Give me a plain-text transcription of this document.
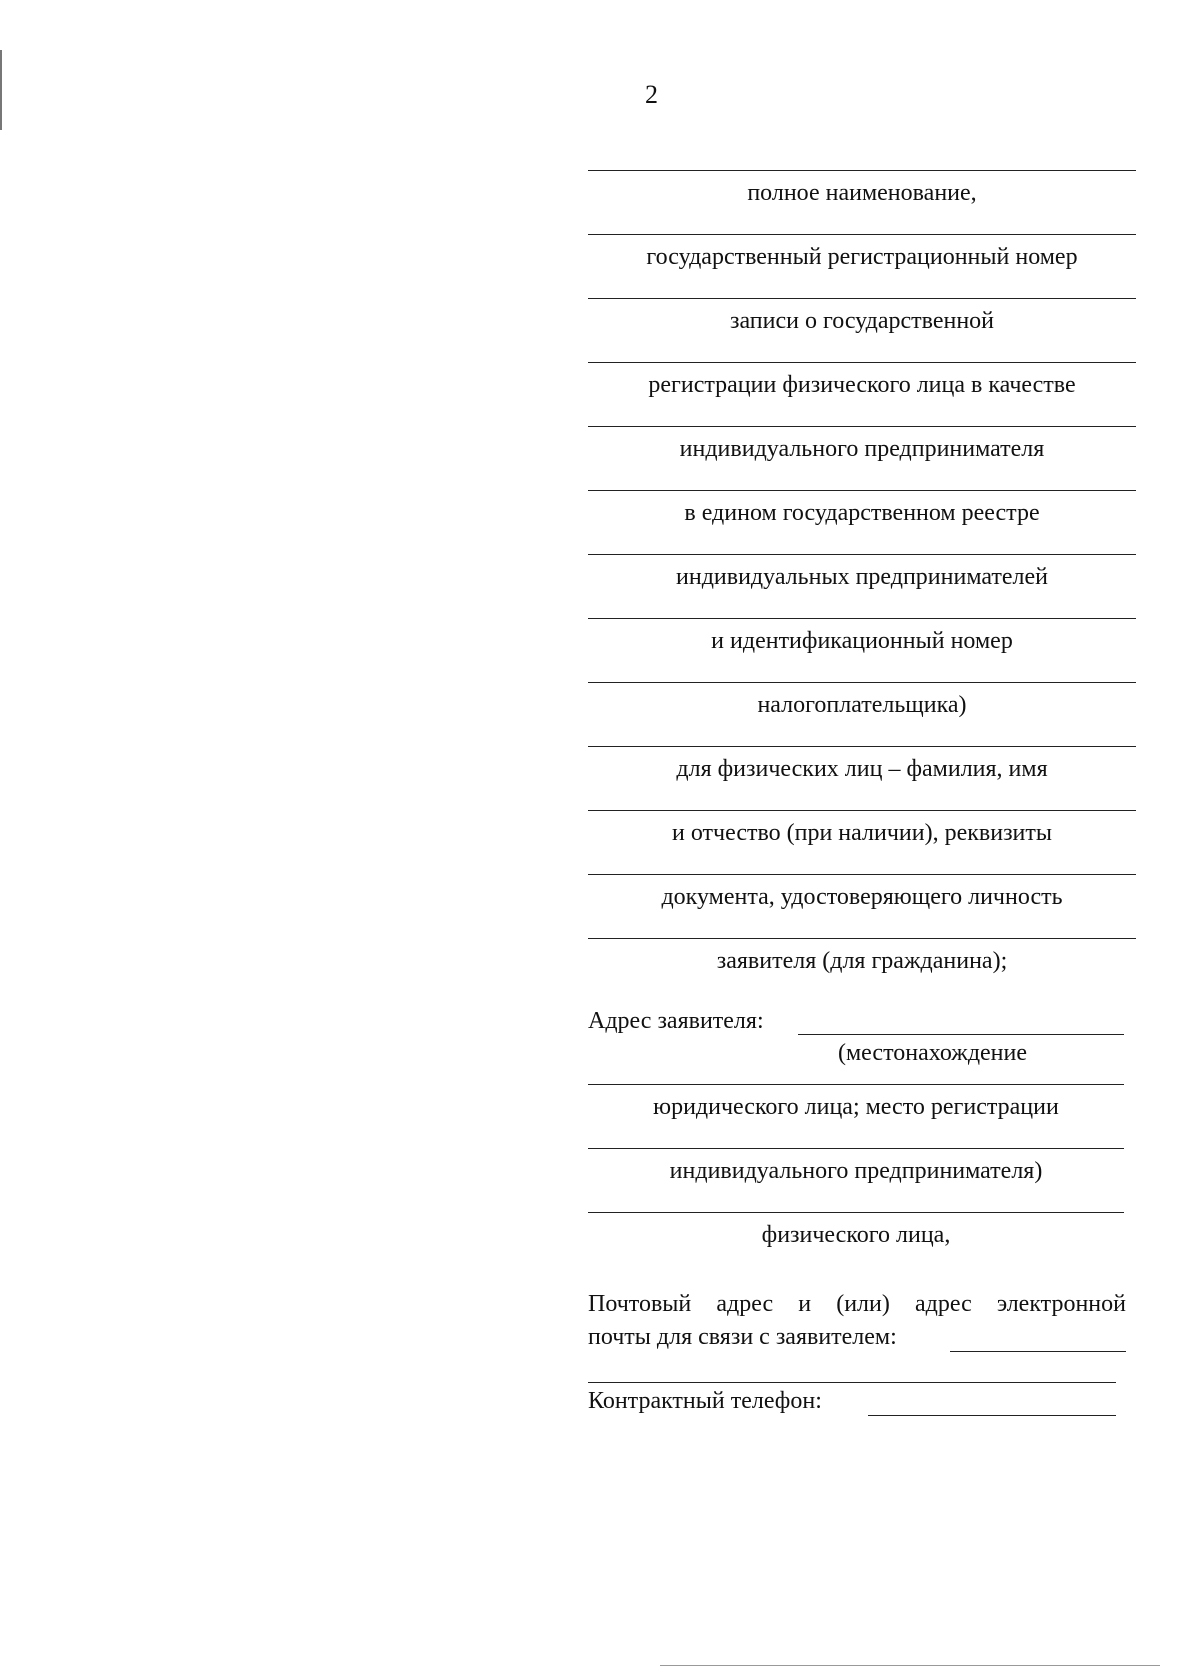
2
полное наименование,
государственный регистрационный номер
записи о государственной
регистрации физического лица в качестве
индивидуального предпринимателя
в едином государственном реестре
индивидуальных предпринимателей
и идентификационный номер
налогоплательщика)
для физических лиц – фамилия, имя
и отчество (при наличии), реквизиты
документа, удостоверяющего личность
заявителя (для гражданина);
Адрес заявителя:
(местонахождение
юридического лица; место регистрации
индивидуального предпринимателя)
физического лица,
Почтовый адрес и (или) адрес электронной
почты для связи с заявителем:
Контрактный телефон:
